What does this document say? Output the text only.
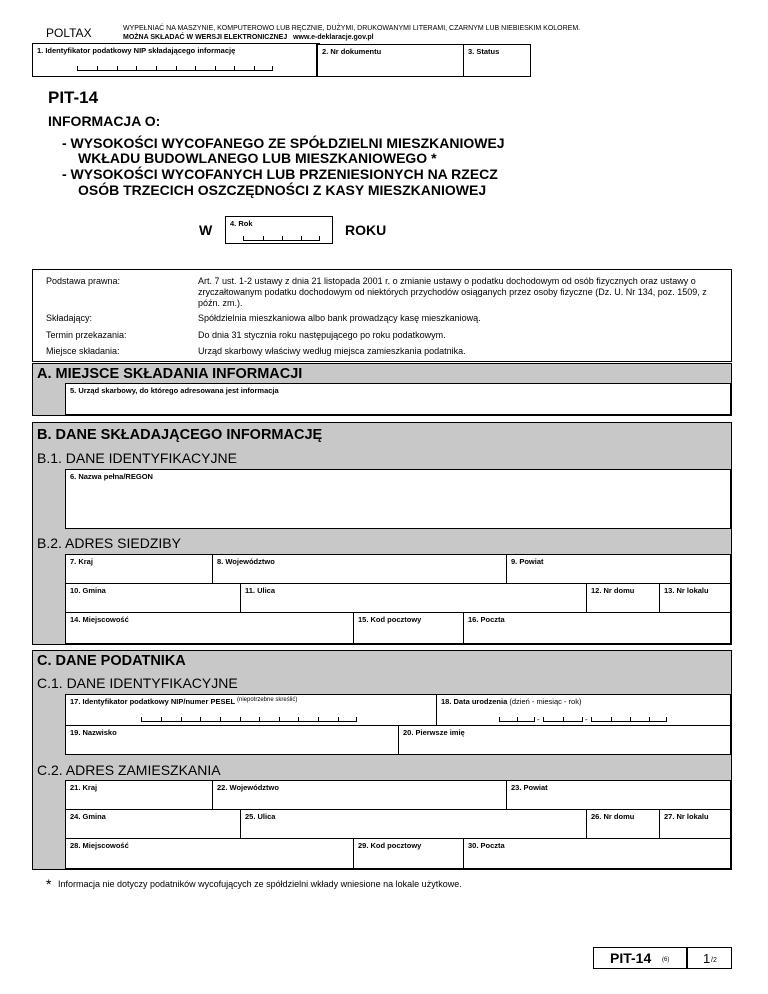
POLTAX	WYPEŁNIAĆ NA MASZYNIE, KOMPUTEROWO LUB RĘCZNIE, DUŻYMI, DRUKOWANYMI LITERAMI, CZARNYM LUB NIEBIESKIM KOLOREM.
MOŻNA SKŁADAĆ W WERSJI ELEKTRONICZNEJ www.e-deklaracje.gov.pl
1. Identyfikator podatkowy NIP składającego informację	2. Nr dokumentu	3. Status
PIT-14
INFORMACJA O:
- WYSOKOŚCI WYCOFANEGO ZE SPÓŁDZIELNI MIESZKANIOWEJ
WKŁADU BUDOWLANEGO LUB MIESZKANIOWEGO *
- WYSOKOŚCI WYCOFANYCH LUB PRZENIESIONYCH NA RZECZ
OSÓB TRZECICH OSZCZĘDNOŚCI Z KASY MIESZKANIOWEJ
W 4. Rok	ROKU
Podstawa prawna:	Art. 7 ust. 1-2 ustawy z dnia 21 listopada 2001 r. o zmianie ustawy o podatku dochodowym od osób fizycznych oraz ustawy o zryczałtowanym podatku dochodowym od niektórych przychodów osiąganych przez osoby fizyczne (Dz. U. Nr 134, poz. 1509, z późn. zm.).
Składający:	Spółdzielnia mieszkaniowa albo bank prowadzący kasę mieszkaniową.
Termin przekazania:	Do dnia 31 stycznia roku następującego po roku podatkowym.
Miejsce składania:	Urząd skarbowy właściwy według miejsca zamieszkania podatnika.
A. MIEJSCE SKŁADANIA INFORMACJI
5. Urząd skarbowy, do którego adresowana jest informacja
B. DANE SKŁADAJĄCEGO INFORMACJĘ
B.1. DANE IDENTYFIKACYJNE
B.2. ADRES SIEDZIBY
6. Nazwa pełna/REGON
7. Kraj	8. Województwo	9. Powiat
10. Gmina	11. Ulica	12. Nr domu	13. Nr lokalu
14. Miejscowość	15. Kod pocztowy	16. Poczta
C. DANE PODATNIKA
C.1. DANE IDENTYFIKACYJNE
C.2. ADRES ZAMIESZKANIA
17. Identyfikator podatkowy NIP/numer PESEL $^{(niepotrzebne skreślić)}$	18. Data urodzenia (dzień - miesiąc - rok)
-	-
19. Nazwisko	20. Pierwsze imię
21. Kraj	22. Województwo	23. Powiat
24. Gmina	25. Ulica	26. Nr domu	27. Nr lokalu
28. Miejscowość	29. Kod pocztowy	30. Poczta
* Informacja nie dotyczy podatników wycofujących ze spółdzielni wkłady wniesione na lokale użytkowe.
PIT-14 (6)	1 /2
